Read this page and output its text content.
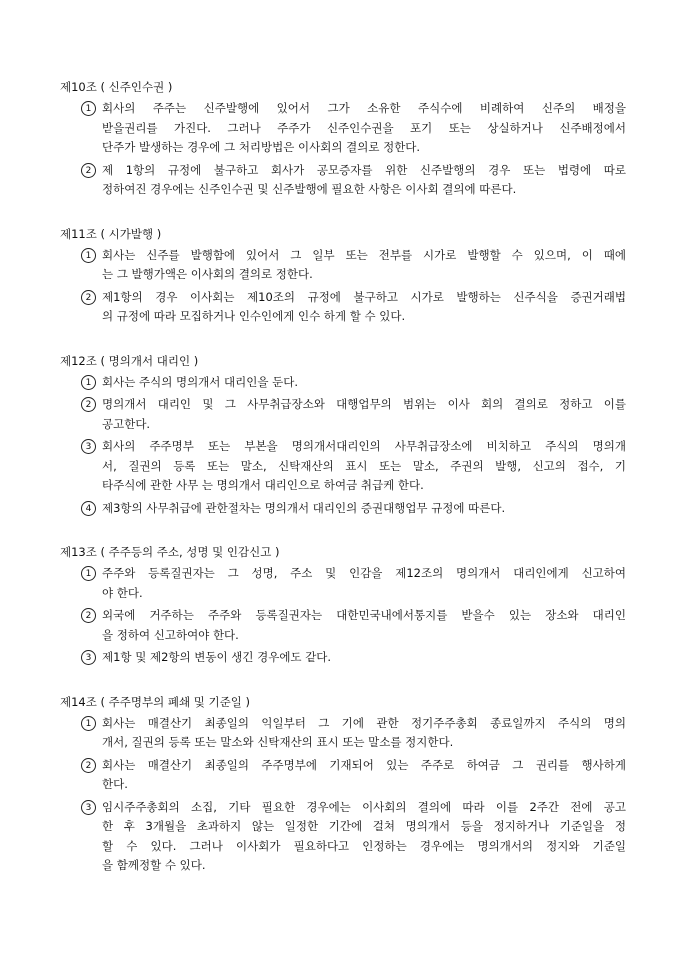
제10조 ( 신주인수권 )
1 회사의 주주는 신주발행에 있어서 그가 소유한 주식수에 비례하여 신주의 배정을
받을권리를 가진다. 그러나 주주가 신주인수권을 포기 또는 상실하거나 신주배정에서
단주가 발생하는 경우에 그 처리방법은 이사회의 결의로 정한다.
2 제 1항의 규정에 불구하고 회사가 공모증자를 위한 신주발행의 경우 또는 법령에 따로
정하여진 경우에는 신주인수권 및 신주발행에 필요한 사항은 이사회 결의에 따른다.
제11조 ( 시가발행 )
1 회사는 신주를 발행함에 있어서 그 일부 또는 전부를 시가로 발행할 수 있으며, 이 때에
는 그 발행가액은 이사회의 결의로 정한다.
2 제1항의 경우 이사회는 제10조의 규정에 불구하고 시가로 발행하는 신주식을 증권거래법
의 규정에 따라 모집하거나 인수인에게 인수 하게 할 수 있다.
제12조 ( 명의개서 대리인 )
1 회사는 주식의 명의개서 대리인을 둔다.
2 명의개서 대리인 및 그 사무취급장소와 대행업무의 범위는 이사 회의 결의로 정하고 이를
공고한다.
3 회사의 주주명부 또는 부본을 명의개서대리인의 사무취급장소에 비치하고 주식의 명의개
서, 질권의 등록 또는 말소, 신탁재산의 표시 또는 말소, 주권의 발행, 신고의 접수, 기
타주식에 관한 사무 는 명의개서 대리인으로 하여금 취급케 한다.
4 제3항의 사무취급에 관한절차는 명의개서 대리인의 증권대행업무 규정에 따른다.
제13조 ( 주주등의 주소, 성명 및 인감신고 )
1 주주와 등록질권자는 그 성명, 주소 및 인감을 제12조의 명의개서 대리인에게 신고하여
야 한다.
2 외국에 거주하는 주주와 등록질권자는 대한민국내에서통지를 받을수 있는 장소와 대리인
을 정하여 신고하여야 한다.
3 제1항 및 제2항의 변동이 생긴 경우에도 같다.
제14조 ( 주주명부의 폐쇄 및 기준일 )
1 회사는 매결산기 최종일의 익일부터 그 기에 관한 정기주주총회 종료일까지 주식의 명의
개서, 질권의 등록 또는 말소와 신탁재산의 표시 또는 말소를 정지한다.
2 회사는 매결산기 최종일의 주주명부에 기재되어 있는 주주로 하여금 그 권리를 행사하게
한다.
3 임시주주총회의 소집, 기타 필요한 경우에는 이사회의 결의에 따라 이를 2주간 전에 공고
한 후 3개월을 초과하지 않는 일정한 기간에 걸쳐 명의개서 등을 정지하거나 기준일을 정
할 수 있다. 그러나 이사회가 필요하다고 인정하는 경우에는 명의개서의 정지와 기준일
을 함께정할 수 있다.
